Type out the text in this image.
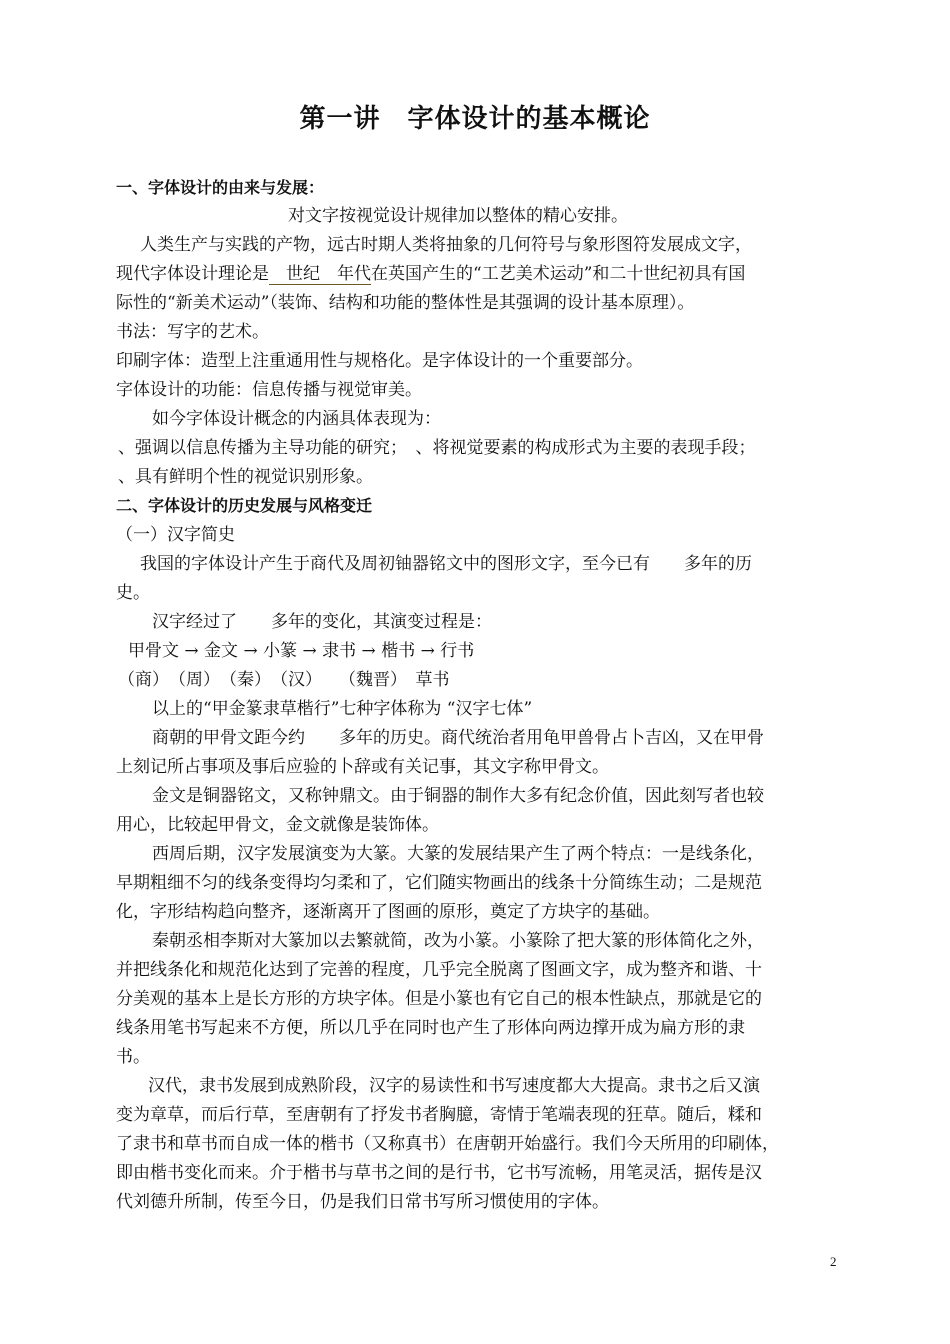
第一讲　字体设计的基本概论
一、字体设计的由来与发展：
对文字按视觉设计规律加以整体的精心安排。
人类生产与实践的产物，远古时期人类将抽象的几何符号与象形图符发展成文字，
现代字体设计理论是　世纪　年代在英国产生的“工艺美术运动”和二十世纪初具有国
际性的“新美术运动”（装饰、结构和功能的整体性是其强调的设计基本原理）。
书法：写字的艺术。
印刷字体：造型上注重通用性与规格化。是字体设计的一个重要部分。
字体设计的功能：信息传播与视觉审美。
如今字体设计概念的内涵具体表现为：
、强调以信息传播为主导功能的研究；　、将视觉要素的构成形式为主要的表现手段；
、具有鲜明个性的视觉识别形象。
二、字体设计的历史发展与风格变迁
（一）汉字简史
我国的字体设计产生于商代及周初铀器铭文中的图形文字，至今已有　　多年的历
史。
汉字经过了　　多年的变化，其演变过程是：
甲骨文 → 金文 → 小篆 → 隶书 → 楷书 → 行书
（商）　（周）　（秦）　（汉）　　（魏晋）　草书
以上的“甲金篆隶草楷行”七种字体称为 “汉字七体”
商朝的甲骨文距今约　　多年的历史。商代统治者用龟甲兽骨占卜吉凶，又在甲骨
上刻记所占事项及事后应验的卜辞或有关记事，其文字称甲骨文。
金文是铜器铭文，又称钟鼎文。由于铜器的制作大多有纪念价值，因此刻写者也较
用心，比较起甲骨文，金文就像是装饰体。
西周后期，汉字发展演变为大篆。大篆的发展结果产生了两个特点：一是线条化，
早期粗细不匀的线条变得均匀柔和了，它们随实物画出的线条十分简练生动；二是规范
化，字形结构趋向整齐，逐渐离开了图画的原形，奠定了方块字的基础。
秦朝丞相李斯对大篆加以去繁就简，改为小篆。小篆除了把大篆的形体简化之外，
并把线条化和规范化达到了完善的程度，几乎完全脱离了图画文字，成为整齐和谐、十
分美观的基本上是长方形的方块字体。但是小篆也有它自己的根本性缺点，那就是它的
线条用笔书写起来不方便，所以几乎在同时也产生了形体向两边撑开成为扁方形的隶
书。
汉代，隶书发展到成熟阶段，汉字的易读性和书写速度都大大提高。隶书之后又演
变为章草，而后行草，至唐朝有了抒发书者胸臆，寄情于笔端表现的狂草。随后，糅和
了隶书和草书而自成一体的楷书（又称真书）在唐朝开始盛行。我们今天所用的印刷体，
即由楷书变化而来。介于楷书与草书之间的是行书，它书写流畅，用笔灵活，据传是汉
代刘德升所制，传至今日，仍是我们日常书写所习惯使用的字体。
2
